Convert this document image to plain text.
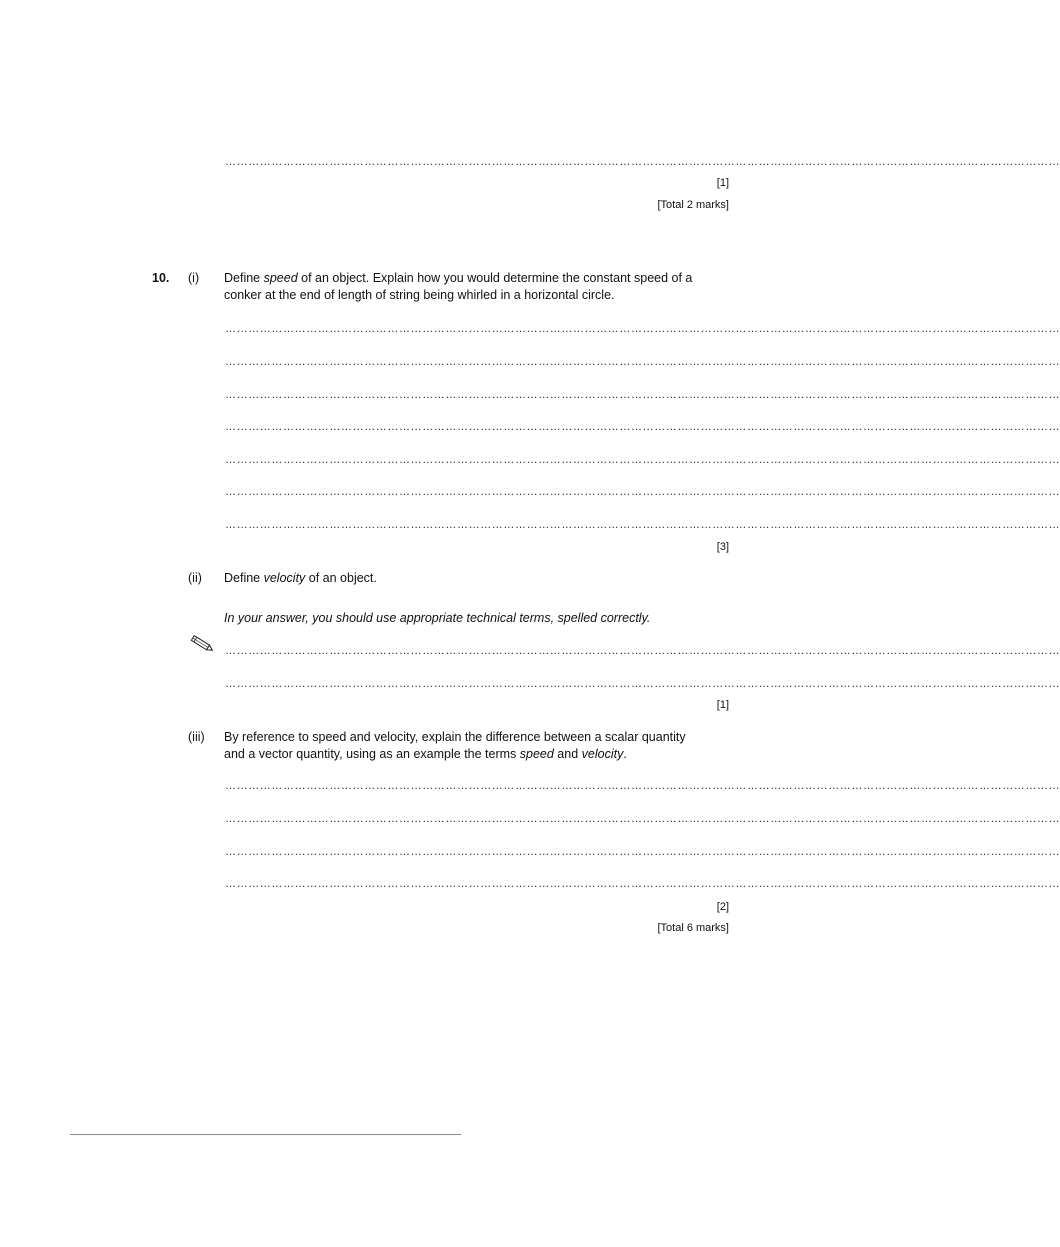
………………………………………………………………………………………………………………………………………………………………………………………………
[1]
[Total 2 marks]
10. (i) Define speed of an object. Explain how you would determine the constant speed of a conker at the end of length of string being whirled in a horizontal circle.
………………………………………………………………………………………………………………………………………………………………………………………………
………………………………………………………………………………………………………………………………………………………………………………………………
………………………………………………………………………………………………………………………………………………………………………………………………
………………………………………………………………………………………………………………………………………………………………………………………………
………………………………………………………………………………………………………………………………………………………………………………………………
………………………………………………………………………………………………………………………………………………………………………………………………
………………………………………………………………………………………………………………………………………………………………………………………………
[3]
(ii) Define velocity of an object.
In your answer, you should use appropriate technical terms, spelled correctly.
………………………………………………………………………………………………………………………………………………………………………………………………
………………………………………………………………………………………………………………………………………………………………………………………………
[1]
(iii) By reference to speed and velocity, explain the difference between a scalar quantity and a vector quantity, using as an example the terms speed and velocity.
………………………………………………………………………………………………………………………………………………………………………………………………
………………………………………………………………………………………………………………………………………………………………………………………………
………………………………………………………………………………………………………………………………………………………………………………………………
………………………………………………………………………………………………………………………………………………………………………………………………
[2]
[Total 6 marks]
